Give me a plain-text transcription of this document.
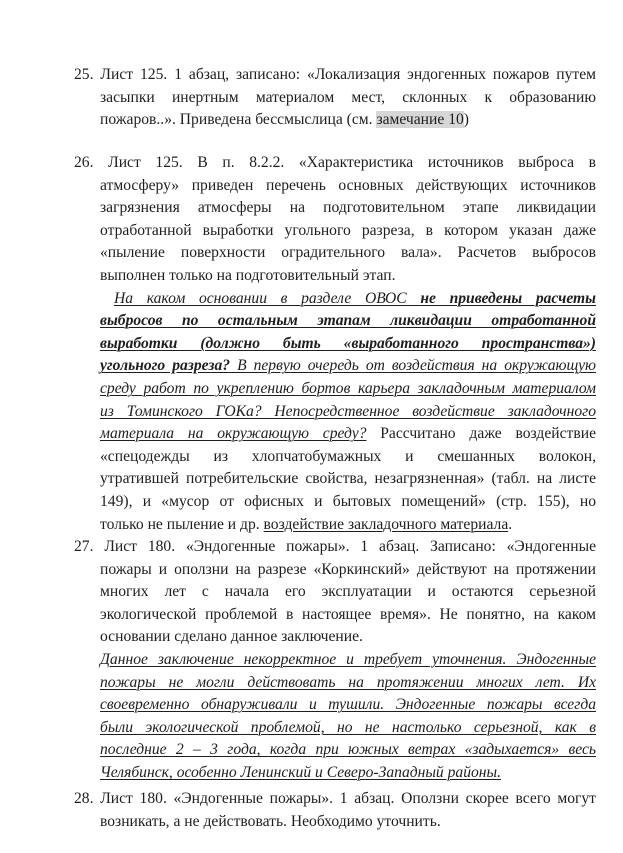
25. Лист 125. 1 абзац, записано: «Локализация эндогенных пожаров путем
засыпки инертным материалом мест, склонных к образованию
пожаров..». Приведена бессмыслица (см. замечание 10)
26. Лист 125. В п. 8.2.2. «Характеристика источников выброса в
атмосферу» приведен перечень основных действующих источников
загрязнения атмосферы на подготовительном этапе ликвидации
отработанной выработки угольного разреза, в котором указан даже
«пыление поверхности оградительного вала». Расчетов выбросов
выполнен только на подготовительный этап.
На каком основании в разделе ОВОС не приведены расчеты
выбросов по остальным этапам ликвидации отработанной
выработки (должно быть «выработанного пространства»)
угольного разреза? В первую очередь от воздействия на окружающую
среду работ по укреплению бортов карьера закладочным материалом
из Томинского ГОКа? Непосредственное воздействие закладочного
материала на окружающую среду? Рассчитано даже воздействие
«спецодежды из хлопчатобумажных и смешанных волокон,
утратившей потребительские свойства, незагрязненная» (табл. на листе
149), и «мусор от офисных и бытовых помещений» (стр. 155), но
только не пыление и др. воздействие закладочного материала.
27. Лист 180. «Эндогенные пожары». 1 абзац. Записано: «Эндогенные
пожары и оползни на разрезе «Коркинский» действуют на протяжении
многих лет с начала его эксплуатации и остаются серьезной
экологической проблемой в настоящее время». Не понятно, на каком
основании сделано данное заключение.
Данное заключение некорректное и требует уточнения. Эндогенные
пожары не могли действовать на протяжении многих лет. Их
своевременно обнаруживали и тушили. Эндогенные пожары всегда
были экологической проблемой, но не настолько серьезной, как в
последние 2 – 3 года, когда при южных ветрах «задыхается» весь
Челябинск, особенно Ленинский и Северо-Западный районы.
28. Лист 180. «Эндогенные пожары». 1 абзац. Оползни скорее всего могут
возникать, а не действовать. Необходимо уточнить.
